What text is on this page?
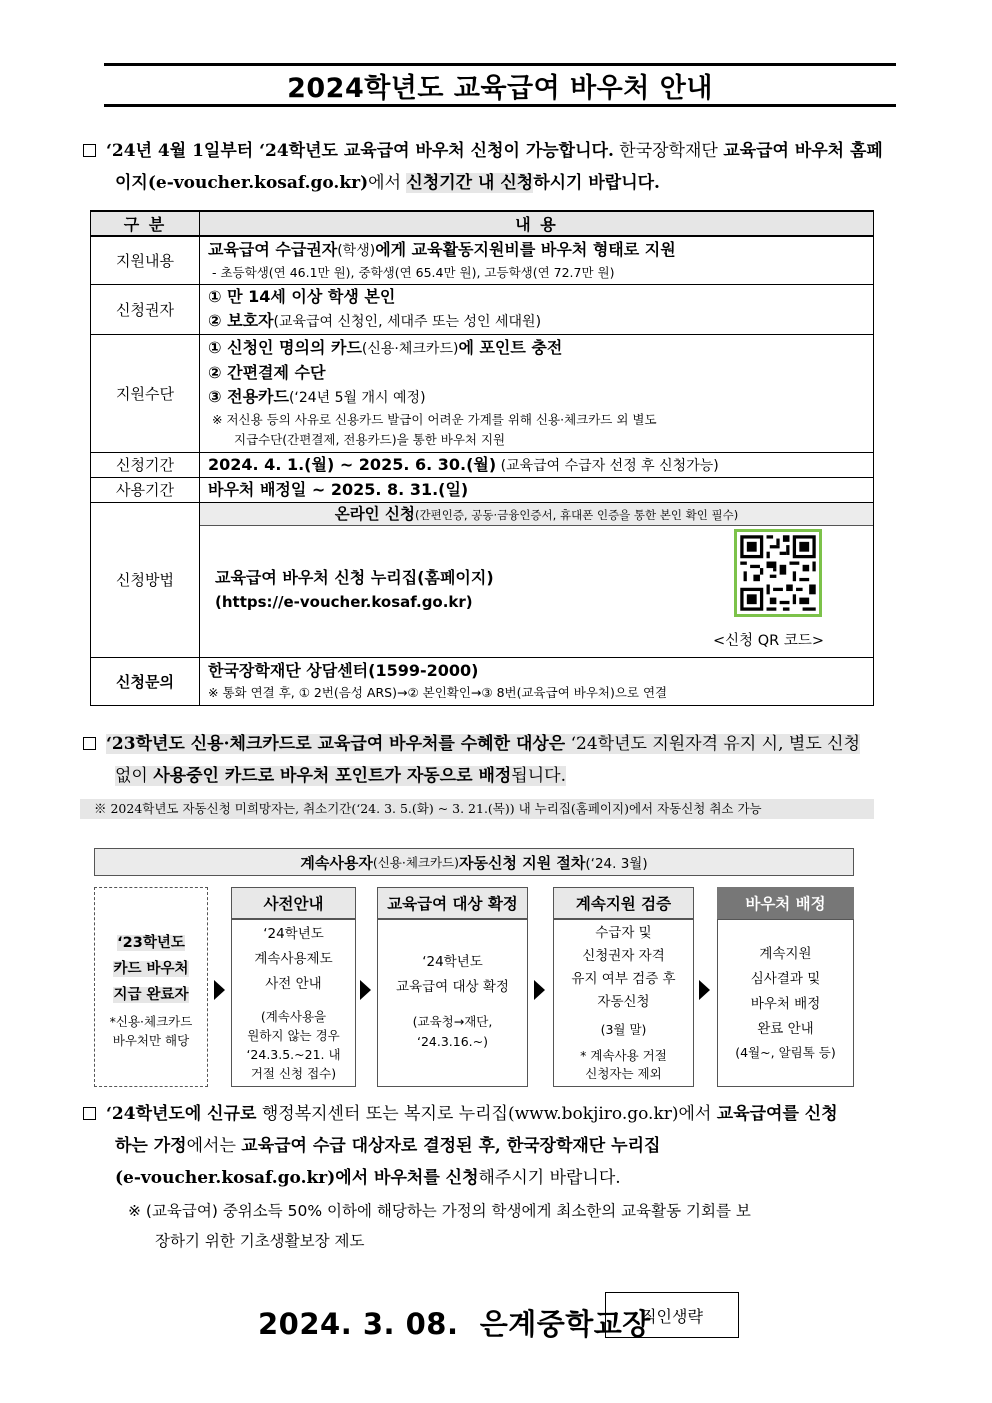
2024학년도 교육급여 바우처 안내
‘24년 4월 1일부터 ‘24학년도 교육급여 바우처 신청이 가능합니다. 한국장학재단 교육급여 바우처 홈페
이지(e-voucher.kosaf.go.kr)에서 신청기간 내 신청하시기 바랍니다.
구 분	내 용
지원내용	교육급여 수급권자(학생)에게 교육활동지원비를 바우처 형태로 지원
- 초등학생(연 46.1만 원), 중학생(연 65.4만 원), 고등학생(연 72.7만 원)

신청권자	① 만 14세 이상 학생 본인
② 보호자(교육급여 신청인, 세대주 또는 성인 세대원)

지원수단	① 신청인 명의의 카드(신용·체크카드)에 포인트 충전
② 간편결제 수단
③ 전용카드(‘24년 5월 개시 예정)
※ 저신용 등의 사유로 신용카드 발급이 어려운 가계를 위해 신용·체크카드 외 별도
지급수단(간편결제, 전용카드)을 통한 바우처 지원

신청기간	2024. 4. 1.(월) ~ 2025. 6. 30.(월) (교육급여 수급자 선정 후 신청가능)
사용기간	바우처 배정일 ~ 2025. 8. 31.(일)
신청방법	온라인 신청(간편인증, 공동·금융인증서, 휴대폰 인증을 통한 본인 확인 필수)
교육급여 바우처 신청 누리집(홈페이지)
(https://e-voucher.kosaf.go.kr)
<신청 QR 코드>

신청문의	한국장학재단 상담센터(1599-2000)
※ 통화 연결 후, ① 2번(음성 ARS)→② 본인확인→③ 8번(교육급여 바우처)으로 연결
‘23학년도 신용·체크카드로 교육급여 바우처를 수혜한 대상은 ‘24학년도 지원자격 유지 시, 별도 신청
없이 사용중인 카드로 바우처 포인트가 자동으로 배정됩니다.
※ 2024학년도 자동신청 미희망자는, 취소기간(‘24. 3. 5.(화) ~ 3. 21.(목)) 내 누리집(홈페이지)에서 자동신청 취소 가능
계속사용자 (신용·체크카드) 자동신청 지원 절차 (‘24. 3월)
‘23학년도
카드 바우처
지급 완료자
*신용·체크카드
바우처만 해당
사전안내
‘24학년도
계속사용제도
사전 안내
(계속사용을
원하지 않는 경우
‘24.3.5.~21. 내
거절 신청 접수)
교육급여 대상 확정
‘24학년도
교육급여 대상 확정
(교육청→재단,
‘24.3.16.~)
계속지원 검증
수급자 및
신청권자 자격
유지 여부 검증 후
자동신청
(3월 말)
* 계속사용 거절
신청자는 제외
바우처 배정
계속지원
심사결과 및
바우처 배정
완료 안내
(4월~, 알림톡 등)
‘24학년도에 신규로 행정복지센터 또는 복지로 누리집(www.bokjiro.go.kr)에서 교육급여를 신청
하는 가정에서는 교육급여 수급 대상자로 결정된 후, 한국장학재단 누리집
(e-voucher.kosaf.go.kr)에서 바우처를 신청해주시기 바랍니다.
※ (교육급여) 중위소득 50% 이하에 해당하는 가정의 학생에게 최소한의 교육활동 기회를 보
장하기 위한 기초생활보장 제도
2024. 3. 08. 은계중학교장
직인생략
